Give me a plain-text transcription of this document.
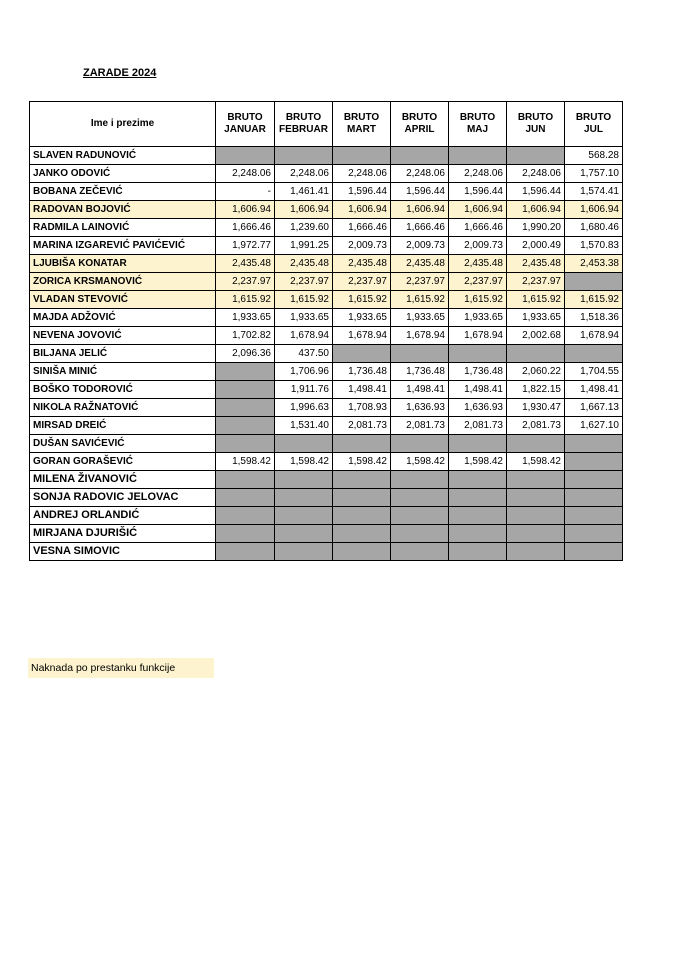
ZARADE 2024
Ime i prezime	BRUTO JANUAR	BRUTO FEBRUAR	BRUTO MART	BRUTO APRIL	BRUTO MAJ	BRUTO JUN	BRUTO JUL
SLAVEN RADUNOVIĆ							568.28
JANKO ODOVIĆ	2,248.06	2,248.06	2,248.06	2,248.06	2,248.06	2,248.06	1,757.10
BOBANA ZEČEVIĆ	-	1,461.41	1,596.44	1,596.44	1,596.44	1,596.44	1,574.41
RADOVAN BOJOVIĆ	1,606.94	1,606.94	1,606.94	1,606.94	1,606.94	1,606.94	1,606.94
RADMILA LAINOVIĆ	1,666.46	1,239.60	1,666.46	1,666.46	1,666.46	1,990.20	1,680.46
MARINA IZGAREVIĆ PAVIĆEVIĆ	1,972.77	1,991.25	2,009.73	2,009.73	2,009.73	2,000.49	1,570.83
LJUBIŠA KONATAR	2,435.48	2,435.48	2,435.48	2,435.48	2,435.48	2,435.48	2,453.38
ZORICA KRSMANOVIĆ	2,237.97	2,237.97	2,237.97	2,237.97	2,237.97	2,237.97	
VLADAN STEVOVIĆ	1,615.92	1,615.92	1,615.92	1,615.92	1,615.92	1,615.92	1,615.92
MAJDA ADŽOVIĆ	1,933.65	1,933.65	1,933.65	1,933.65	1,933.65	1,933.65	1,518.36
NEVENA JOVOVIĆ	1,702.82	1,678.94	1,678.94	1,678.94	1,678.94	2,002.68	1,678.94
BILJANA JELIĆ	2,096.36	437.50					
SINIŠA MINIĆ		1,706.96	1,736.48	1,736.48	1,736.48	2,060.22	1,704.55
BOŠKO TODOROVIĆ		1,911.76	1,498.41	1,498.41	1,498.41	1,822.15	1,498.41
NIKOLA RAŽNATOVIĆ		1,996.63	1,708.93	1,636.93	1,636.93	1,930.47	1,667.13
MIRSAD DREIĆ		1,531.40	2,081.73	2,081.73	2,081.73	2,081.73	1,627.10
DUŠAN SAVIĆEVIĆ							
GORAN GORAŠEVIĆ	1,598.42	1,598.42	1,598.42	1,598.42	1,598.42	1,598.42	
MILENA ŽIVANOVIĆ							
SONJA RADOVIC JELOVAC							
ANDREJ ORLANDIĆ							
MIRJANA DJURIŠIĆ							
VESNA SIMOVIC							
Naknada po prestanku funkcije
